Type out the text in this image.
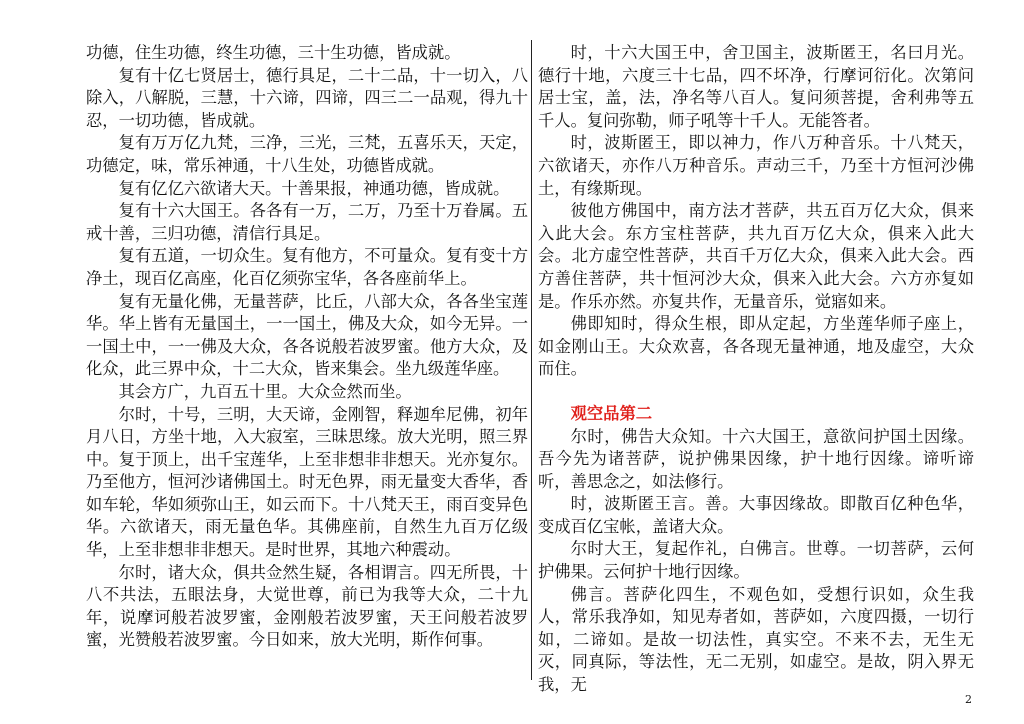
功德，住生功德，终生功德，三十生功德，皆成就。

复有十亿七贤居士，德行具足，二十二品，十一切入，八除入，八解脱，三慧，十六谛，四谛，四三二一品观，得九十忍，一切功德，皆成就。

复有万万亿九梵，三净，三光，三梵，五喜乐天，天定，功德定，味，常乐神通，十八生处，功德皆成就。

复有亿亿六欲诸大天。十善果报，神通功德，皆成就。

复有十六大国王。各各有一万，二万，乃至十万眷属。五戒十善，三归功德，清信行具足。

复有五道，一切众生。复有他方，不可量众。复有变十方净土，现百亿高座，化百亿须弥宝华，各各座前华上。

复有无量化佛，无量菩萨，比丘，八部大众，各各坐宝莲华。华上皆有无量国土，一一国土，佛及大众，如今无异。一一国土中，一一佛及大众，各各说般若波罗蜜。他方大众，及化众，此三界中众，十二大众，皆来集会。坐九级莲华座。

其会方广，九百五十里。大众佥然而坐。

尔时，十号，三明，大天谛，金刚智，释迦牟尼佛，初年月八日，方坐十地，入大寂室，三昧思缘。放大光明，照三界中。复于顶上，出千宝莲华，上至非想非非想天。光亦复尔。乃至他方，恒河沙诸佛国土。时无色界，雨无量变大香华，香如车轮，华如须弥山王，如云而下。十八梵天王，雨百变异色华。六欲诸天，雨无量色华。其佛座前，自然生九百万亿级华，上至非想非非想天。是时世界，其地六种震动。

尔时，诸大众，俱共佥然生疑，各相谓言。四无所畏，十八不共法，五眼法身，大觉世尊，前已为我等大众，二十九年，说摩诃般若波罗蜜，金刚般若波罗蜜，天王问般若波罗蜜，光赞般若波罗蜜。今日如来，放大光明，斯作何事。

时，十六大国王中，舍卫国主，波斯匿王，名曰月光。德行十地，六度三十七品，四不坏净，行摩诃衍化。次第问居士宝，盖，法，净名等八百人。复问须菩提，舍利弗等五千人。复问弥勒，师子吼等十千人。无能答者。

时，波斯匿王，即以神力，作八万种音乐。十八梵天，六欲诸天，亦作八万种音乐。声动三千，乃至十方恒河沙佛土，有缘斯现。

彼他方佛国中，南方法才菩萨，共五百万亿大众，俱来入此大会。东方宝柱菩萨，共九百万亿大众，俱来入此大会。北方虚空性菩萨，共百千万亿大众，俱来入此大会。西方善住菩萨，共十恒河沙大众，俱来入此大会。六方亦复如是。作乐亦然。亦复共作，无量音乐，觉寤如来。

佛即知时，得众生根，即从定起，方坐莲华师子座上，如金刚山王。大众欢喜，各各现无量神通，地及虚空，大众而住。

观空品第二

尔时，佛告大众知。十六大国王，意欲问护国土因缘。吾今先为诸菩萨，说护佛果因缘，护十地行因缘。谛听谛听，善思念之，如法修行。

时，波斯匿王言。善。大事因缘故。即散百亿种色华，变成百亿宝帐，盖诸大众。

尔时大王，复起作礼，白佛言。世尊。一切菩萨，云何护佛果。云何护十地行因缘。

佛言。菩萨化四生，不观色如，受想行识如，众生我人，常乐我净如，知见寿者如，菩萨如，六度四摄，一切行如，二谛如。是故一切法性，真实空。不来不去，无生无灭，同真际，等法性，无二无别，如虚空。是故，阴入界无我，无

2
